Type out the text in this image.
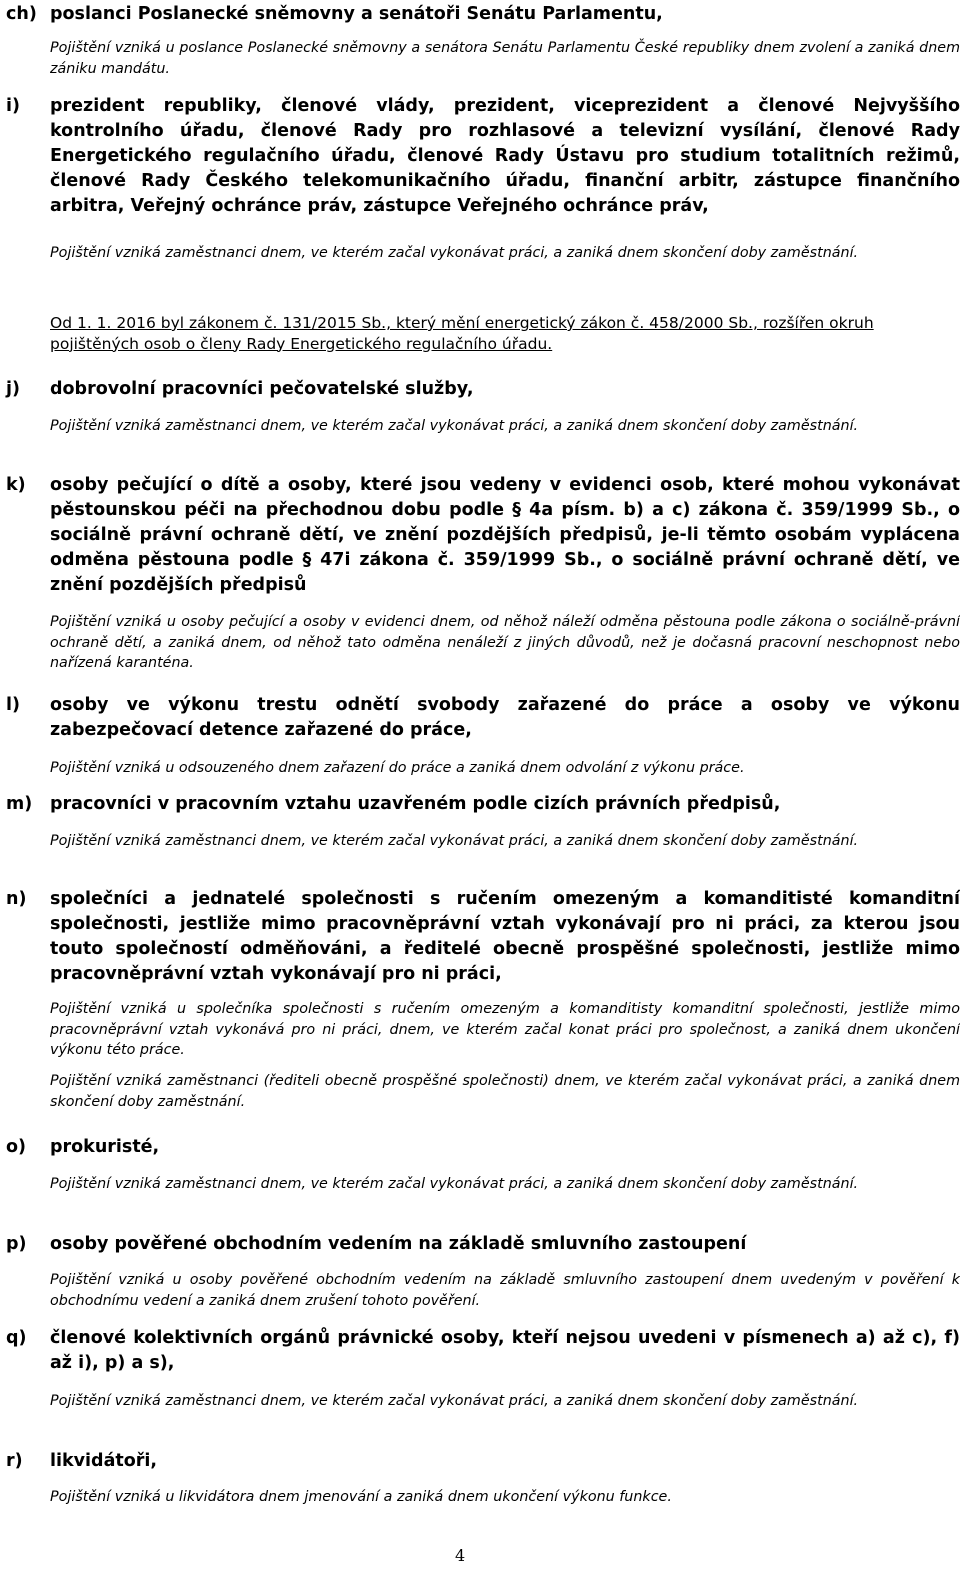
ch) poslanci Poslanecké sněmovny a senátoři Senátu Parlamentu,
Pojištění vzniká u poslance Poslanecké sněmovny a senátora Senátu Parlamentu České republiky dnem zvolení a zaniká dnem zániku mandátu.
i) prezident republiky, členové vlády, prezident, viceprezident a členové Nejvyššího kontrolního úřadu, členové Rady pro rozhlasové a televizní vysílání, členové Rady Energetického regulačního úřadu, členové Rady Ústavu pro studium totalitních režimů, členové Rady Českého telekomunikačního úřadu, finanční arbitr, zástupce finančního arbitra, Veřejný ochránce práv, zástupce Veřejného ochránce práv,
Pojištění vzniká zaměstnanci dnem, ve kterém začal vykonávat práci, a zaniká dnem skončení doby zaměstnání.
Od 1. 1. 2016 byl zákonem č. 131/2015 Sb., který mění energetický zákon č. 458/2000 Sb., rozšířen okruh pojištěných osob o členy Rady Energetického regulačního úřadu.
j) dobrovolní pracovníci pečovatelské služby,
Pojištění vzniká zaměstnanci dnem, ve kterém začal vykonávat práci, a zaniká dnem skončení doby zaměstnání.
k) osoby pečující o dítě a osoby, které jsou vedeny v evidenci osob, které mohou vykonávat pěstounskou péči na přechodnou dobu podle § 4a písm. b) a c) zákona č. 359/1999 Sb., o sociálně právní ochraně dětí, ve znění pozdějších předpisů, je-li těmto osobám vyplácena odměna pěstouna podle § 47i zákona č. 359/1999 Sb., o sociálně právní ochraně dětí, ve znění pozdějších předpisů
Pojištění vzniká u osoby pečující a osoby v evidenci dnem, od něhož náleží odměna pěstouna podle zákona o sociálně-právní ochraně dětí, a zaniká dnem, od něhož tato odměna nenáleží z jiných důvodů, než je dočasná pracovní neschopnost nebo nařízená karanténa.
l) osoby ve výkonu trestu odnětí svobody zařazené do práce a osoby ve výkonu zabezpečovací detence zařazené do práce,
Pojištění vzniká u odsouzeného dnem zařazení do práce a zaniká dnem odvolání z výkonu práce.
m) pracovníci v pracovním vztahu uzavřeném podle cizích právních předpisů,
Pojištění vzniká zaměstnanci dnem, ve kterém začal vykonávat práci, a zaniká dnem skončení doby zaměstnání.
n) společníci a jednatelé společnosti s ručením omezeným a komanditisté komanditní společnosti, jestliže mimo pracovněprávní vztah vykonávají pro ni práci, za kterou jsou touto společností odměňováni, a ředitelé obecně prospěšné společnosti, jestliže mimo pracovněprávní vztah vykonávají pro ni práci,
Pojištění vzniká u společníka společnosti s ručením omezeným a komanditisty komanditní společnosti, jestliže mimo pracovněprávní vztah vykonává pro ni práci, dnem, ve kterém začal konat práci pro společnost, a zaniká dnem ukončení výkonu této práce.
Pojištění vzniká zaměstnanci (řediteli obecně prospěšné společnosti) dnem, ve kterém začal vykonávat práci, a zaniká dnem skončení doby zaměstnání.
o) prokuristé,
Pojištění vzniká zaměstnanci dnem, ve kterém začal vykonávat práci, a zaniká dnem skončení doby zaměstnání.
p) osoby pověřené obchodním vedením na základě smluvního zastoupení
Pojištění vzniká u osoby pověřené obchodním vedením na základě smluvního zastoupení dnem uvedeným v pověření k obchodnímu vedení a zaniká dnem zrušení tohoto pověření.
q) členové kolektivních orgánů právnické osoby, kteří nejsou uvedeni v písmenech a) až c), f) až i), p) a s),
Pojištění vzniká zaměstnanci dnem, ve kterém začal vykonávat práci, a zaniká dnem skončení doby zaměstnání.
r) likvidátoři,
Pojištění vzniká u likvidátora dnem jmenování a zaniká dnem ukončení výkonu funkce.
4
